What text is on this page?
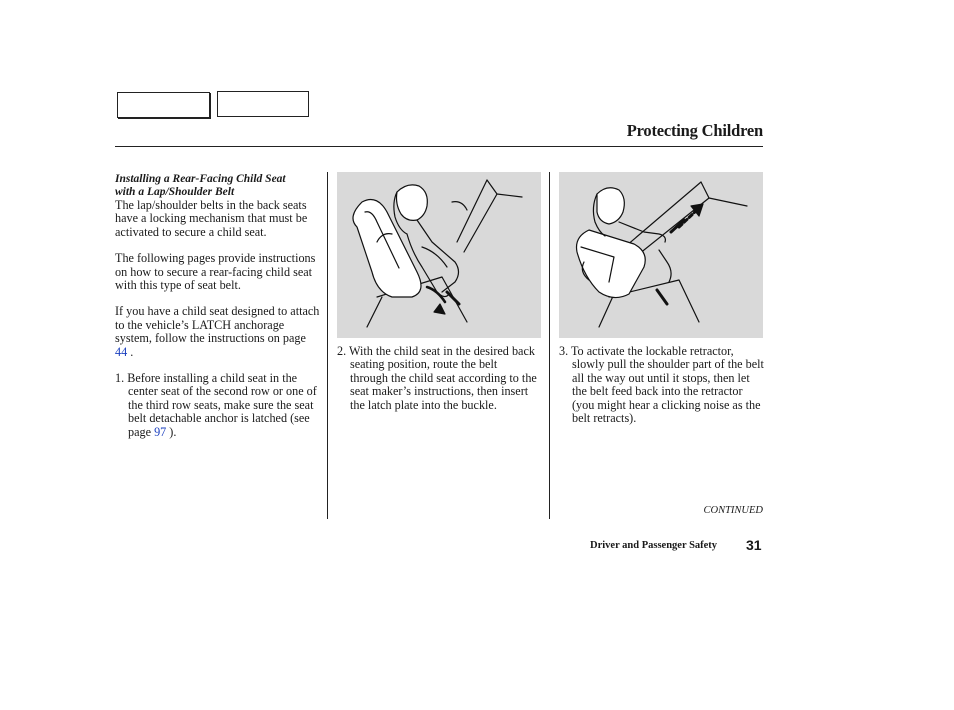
Protecting Children
Installing a Rear-Facing Child Seat
with a Lap/Shoulder Belt

The lap/shoulder belts in the back seats have a locking mechanism that must be activated to secure a child seat.

The following pages provide instructions on how to secure a rear-facing child seat with this type of seat belt.

If you have a child seat designed to attach to the vehicle’s LATCH anchorage system, follow the instructions on page 44 .

1. Before installing a child seat in the center seat of the second row or one of the third row seats, make sure the seat belt detachable anchor is latched (see page 97 ).

2. With the child seat in the desired back seating position, route the belt through the child seat according to the seat maker’s instructions, then insert the latch plate into the buckle.

3. To activate the lockable retractor, slowly pull the shoulder part of the belt all the way out until it stops, then let the belt feed back into the retractor (you might hear a clicking noise as the belt retracts).

CONTINUED
Driver and Passenger Safety 31
